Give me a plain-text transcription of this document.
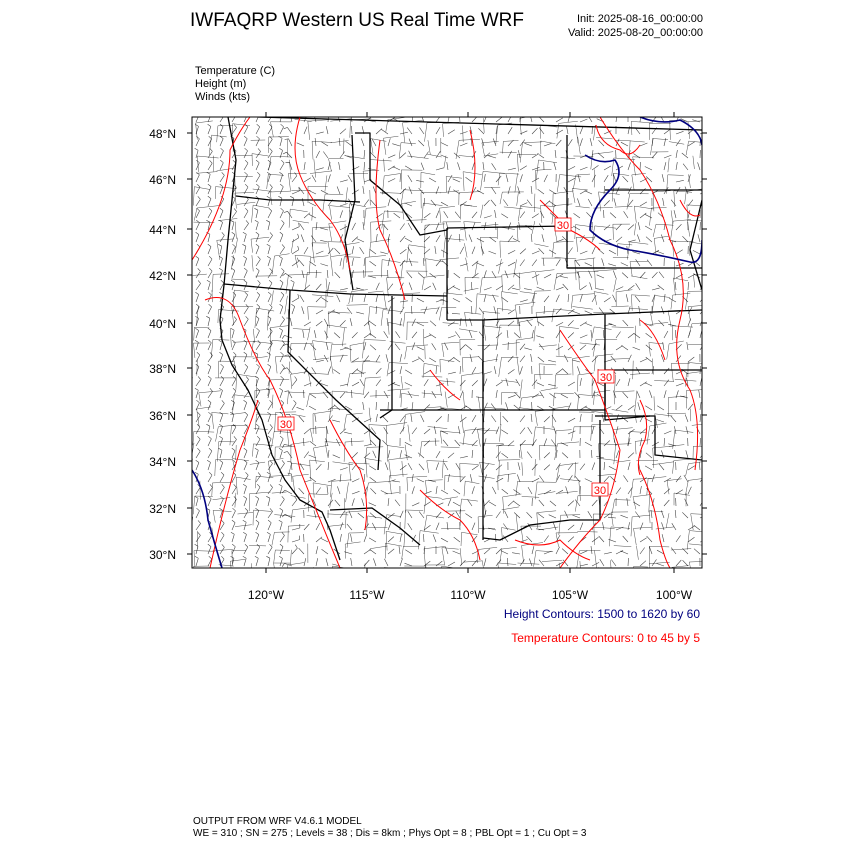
IWFAQRP Western US Real Time WRF	Init: 2025-08-16_00:00:00
Valid: 2025-08-20_00:00:00
Temperature (C)
Height (m)
Winds (kts)
48°N
46°N
44°N
42°N
40°N
38°N
36°N
34°N
32°N
30°N
120°W	115°W	110°W	105°W	100°W
30
30
30
30
Height Contours: 1500 to 1620 by 60
Temperature Contours: 0 to 45 by 5
OUTPUT FROM WRF V4.6.1 MODEL
WE = 310 ; SN = 275 ; Levels = 38 ; Dis = 8km ; Phys Opt = 8 ; PBL Opt = 1 ; Cu Opt = 3
